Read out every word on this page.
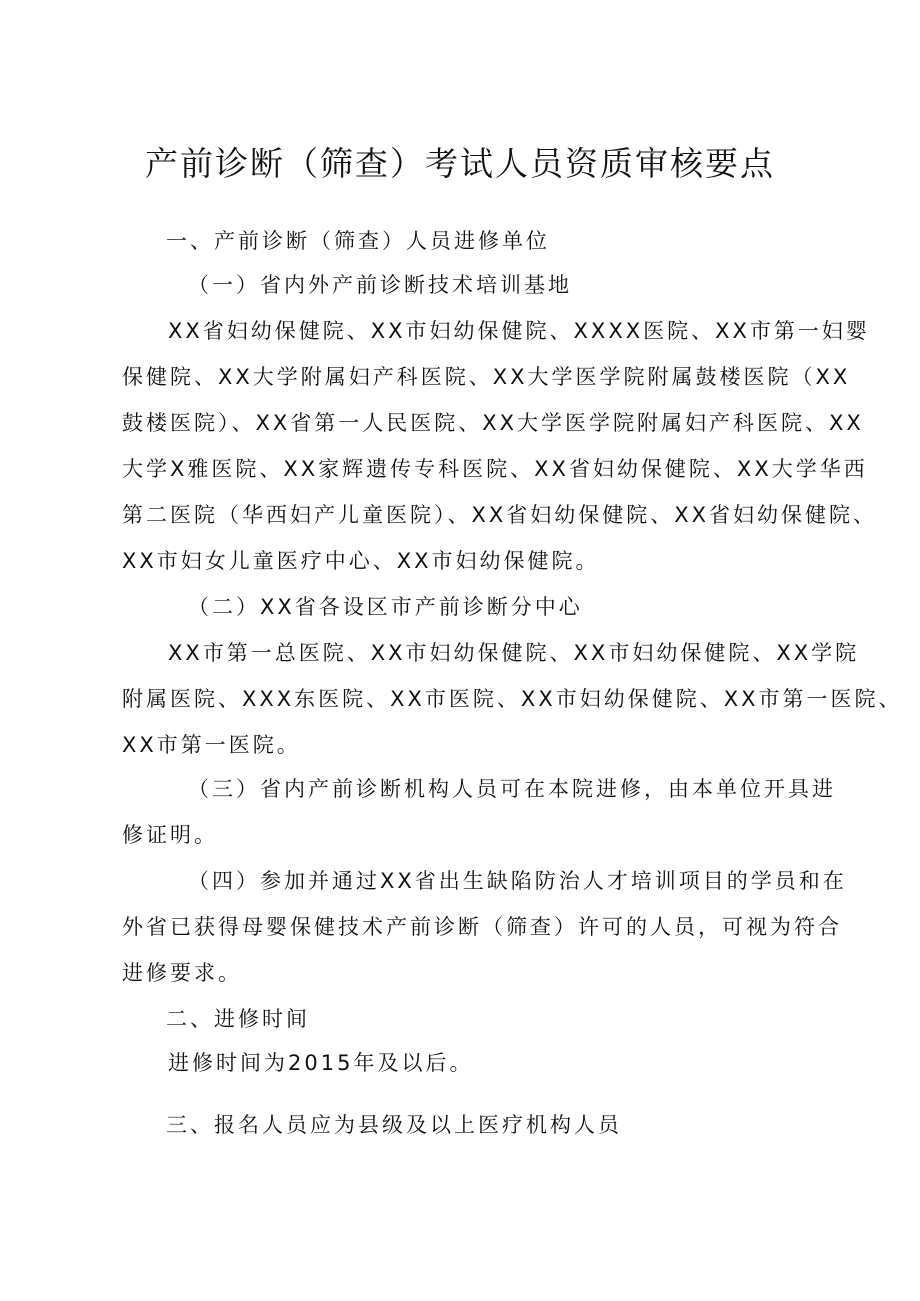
产前诊断（筛查）考试人员资质审核要点
一、产前诊断（筛查）人员进修单位
（一）省内外产前诊断技术培训基地
XX省妇幼保健院、XX市妇幼保健院、XXXX医院、XX市第一妇婴
保健院、XX大学附属妇产科医院、XX大学医学院附属鼓楼医院（XX
鼓楼医院）、XX省第一人民医院、XX大学医学院附属妇产科医院、XX
大学X雅医院、XX家辉遗传专科医院、XX省妇幼保健院、XX大学华西
第二医院（华西妇产儿童医院）、XX省妇幼保健院、XX省妇幼保健院、
XX市妇女儿童医疗中心、XX市妇幼保健院。
（二）XX省各设区市产前诊断分中心
XX市第一总医院、XX市妇幼保健院、XX市妇幼保健院、XX学院
附属医院、XXX东医院、XX市医院、XX市妇幼保健院、XX市第一医院、
XX市第一医院。
（三）省内产前诊断机构人员可在本院进修，由本单位开具进
修证明。
（四）参加并通过XX省出生缺陷防治人才培训项目的学员和在
外省已获得母婴保健技术产前诊断（筛查）许可的人员，可视为符合
进修要求。
二、进修时间
进修时间为2015年及以后。
三、报名人员应为县级及以上医疗机构人员
